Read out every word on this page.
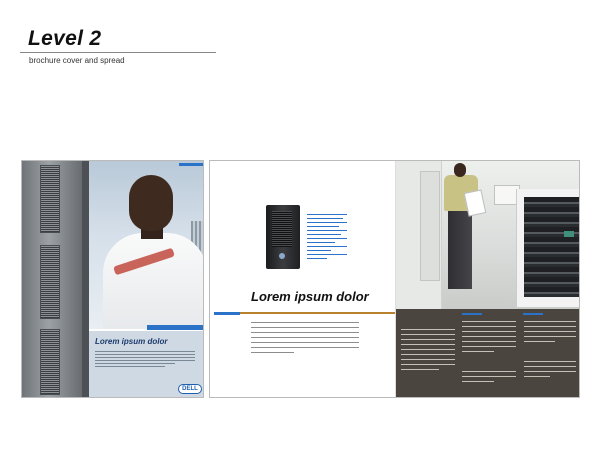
Level 2
brochure cover and spread
Lorem ipsum dolor
DELL
Lorem ipsum dolor
